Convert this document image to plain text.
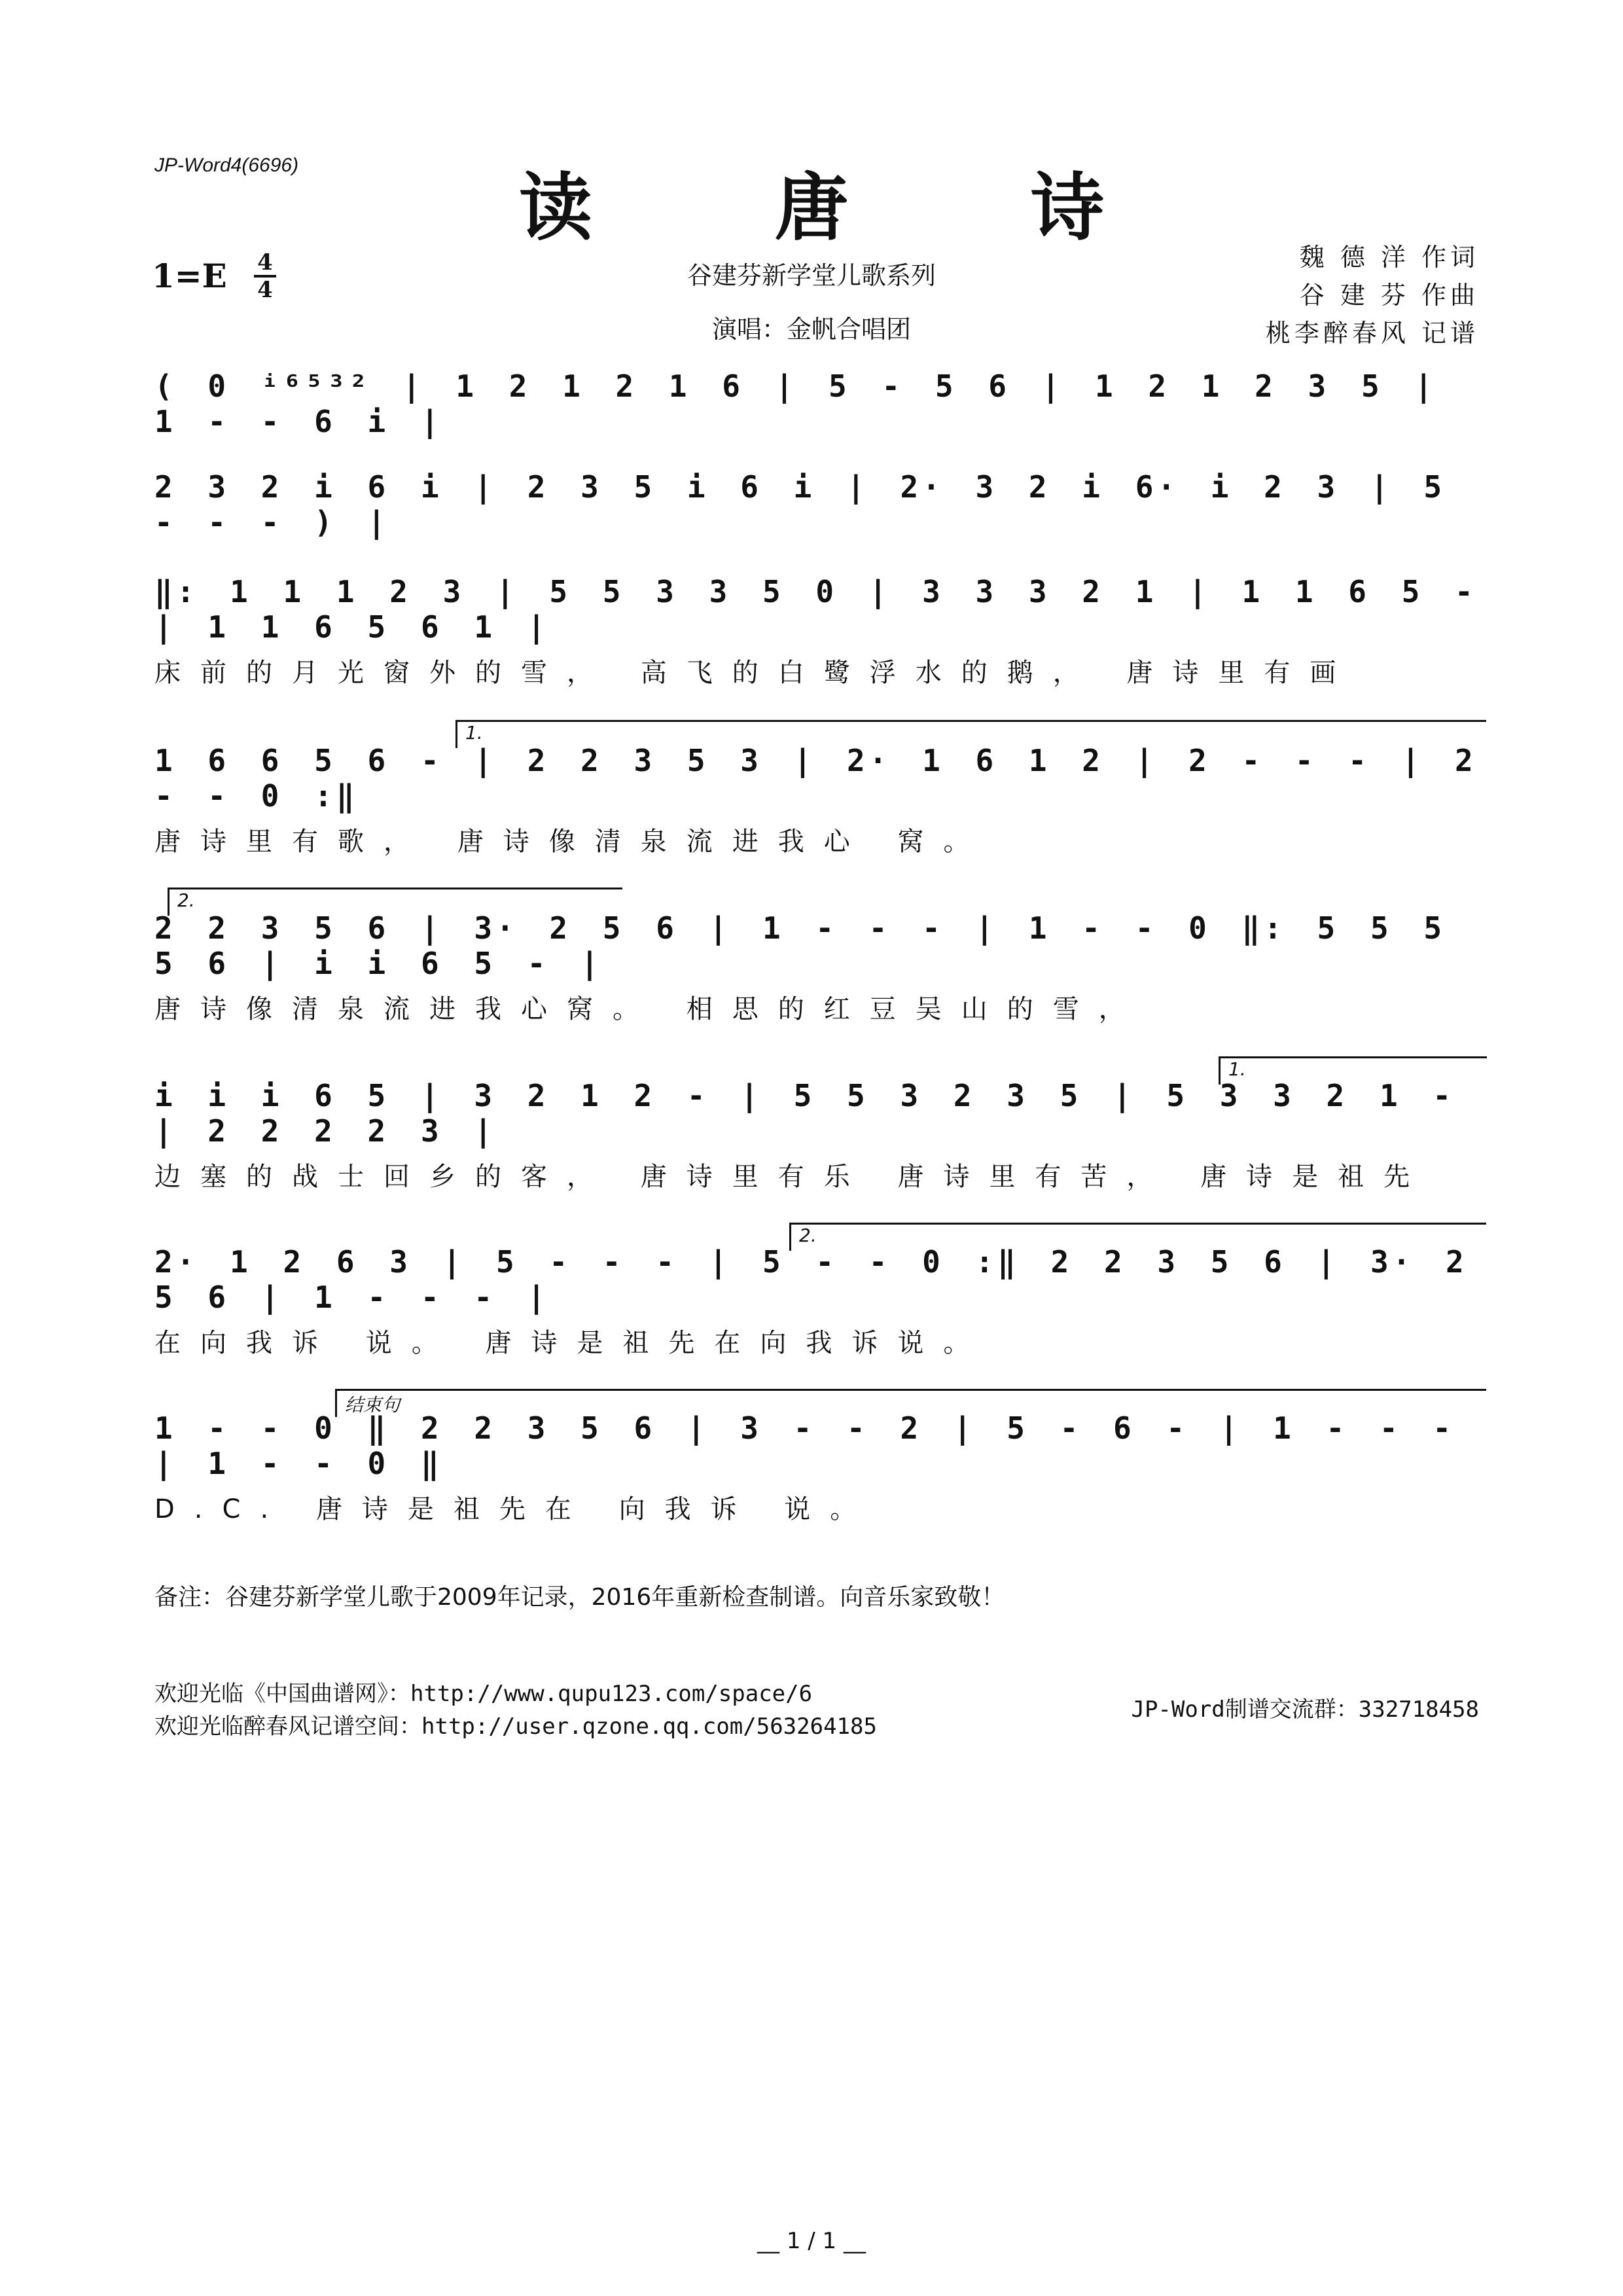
JP-Word4(6696)	读 唐 诗
1=E 4
4	谷建芬新学堂儿歌系列
演唱：金帆合唱团
魏 德 洋 作词
谷 建 芬 作曲
桃李醉春风 记谱
( 0 ⁱ⁶⁵³² | 1 2 1 2 1 6 | 5 - 5 6 | 1 2 1 2 3 5 | 1 - - 6 i |
2 3 2 i 6 i | 2 3 5 i 6 i | 2· 3 2 i 6· i 2 3 | 5 - - - ) |
‖: 1 1 1 2 3 | 5 5 3 3 5 0 | 3 3 3 2 1 | 1 1 6 5 - | 1 1 6 5 6 1 |
床前的月光窗外的雪， 高飞的白鹭浮水的鹅， 唐诗里有画
1.
1 6 6 5 6 - | 2 2 3 5 3 | 2· 1 6 1 2 | 2 - - - | 2 - - 0 :‖
唐诗里有歌， 唐诗像清泉流进我心 窝。
2.
2 2 3 5 6 | 3· 2 5 6 | 1 - - - | 1 - - 0 ‖: 5 5 5 5 6 | i i 6 5 - |
唐诗像清泉流进我心窝。 相思的红豆吴山的雪，
1.
i i i 6 5 | 3 2 1 2 - | 5 5 3 2 3 5 | 5 3 3 2 1 - | 2 2 2 2 3 |
边塞的战士回乡的客， 唐诗里有乐 唐诗里有苦， 唐诗是祖先
2.
2· 1 2 6 3 | 5 - - - | 5 - - 0 :‖ 2 2 3 5 6 | 3· 2 5 6 | 1 - - - |
在向我诉 说。 唐诗是祖先在向我诉说。
结束句
1 - - 0 ‖ 2 2 3 5 6 | 3 - - 2 | 5 - 6 - | 1 - - - | 1 - - 0 ‖
D.C. 唐诗是祖先在 向我诉 说。
备注：谷建芬新学堂儿歌于2009年记录，2016年重新检查制谱。向音乐家致敬！
欢迎光临《中国曲谱网》：http://www.qupu123.com/space/6
欢迎光临醉春风记谱空间：http://user.qzone.qq.com/563264185
JP-Word制谱交流群：332718458
__ 1 / 1 __
